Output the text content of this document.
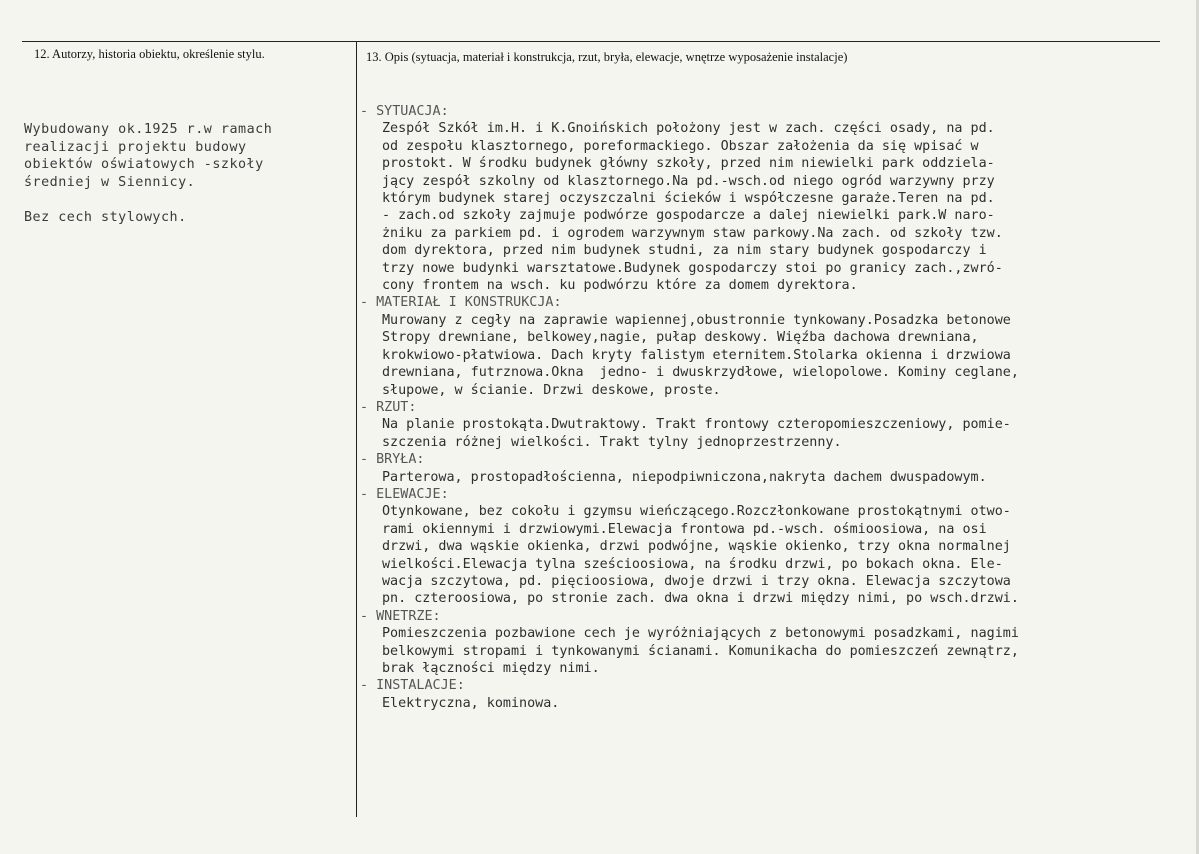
12. Autorzy, historia obiektu, określenie stylu.	13. Opis (sytuacja, materiał i konstrukcja, rzut, bryła, elewacje, wnętrze wyposażenie instalacje)
Wybudowany ok.1925 r.w ramach
realizacji projektu budowy
obiektów oświatowych -szkoły
średniej w Siennicy.
Bez cech stylowych.
- SYTUACJA:
Zespół Szkół im.H. i K.Gnoińskich położony jest w zach. części osady, na pd.
od zespołu klasztornego, poreformackiego. Obszar założenia da się wpisać w
prostokt. W środku budynek główny szkoły, przed nim niewielki park oddziela-
jący zespół szkolny od klasztornego.Na pd.-wsch.od niego ogród warzywny przy
którym budynek starej oczyszczalni ścieków i współczesne garaże.Teren na pd.
- zach.od szkoły zajmuje podwórze gospodarcze a dalej niewielki park.W naro-
żniku za parkiem pd. i ogrodem warzywnym staw parkowy.Na zach. od szkoły tzw.
dom dyrektora, przed nim budynek studni, za nim stary budynek gospodarczy i
trzy nowe budynki warsztatowe.Budynek gospodarczy stoi po granicy zach.,zwró-
cony frontem na wsch. ku podwórzu które za domem dyrektora.
- MATERIAŁ I KONSTRUKCJA:
Murowany z cegły na zaprawie wapiennej,obustronnie tynkowany.Posadzka betonowe
Stropy drewniane, belkowey,nagie, pułap deskowy. Więźba dachowa drewniana,
krokwiowo-płatwiowa. Dach kryty falistym eternitem.Stolarka okienna i drzwiowa
drewniana, futrznowa.Okna  jedno- i dwuskrzydłowe, wielopolowe. Kominy ceglane,
słupowe, w ścianie. Drzwi deskowe, proste.
- RZUT:
Na planie prostokąta.Dwutraktowy. Trakt frontowy czteropomieszczeniowy, pomie-
szczenia różnej wielkości. Trakt tylny jednoprzestrzenny.
- BRYŁA:
Parterowa, prostopadłościenna, niepodpiwniczona,nakryta dachem dwuspadowym.
- ELEWACJE:
Otynkowane, bez cokołu i gzymsu wieńczącego.Rozczłonkowane prostokątnymi otwo-
rami okiennymi i drzwiowymi.Elewacja frontowa pd.-wsch. ośmioosiowa, na osi
drzwi, dwa wąskie okienka, drzwi podwójne, wąskie okienko, trzy okna normalnej
wielkości.Elewacja tylna sześcioosiowa, na środku drzwi, po bokach okna. Ele-
wacja szczytowa, pd. pięcioosiowa, dwoje drzwi i trzy okna. Elewacja szczytowa
pn. czteroosiowa, po stronie zach. dwa okna i drzwi między nimi, po wsch.drzwi.
- WNETRZE:
Pomieszczenia pozbawione cech je wyróżniających z betonowymi posadzkami, nagimi
belkowymi stropami i tynkowanymi ścianami. Komunikacha do pomieszczeń zewnątrz,
brak łączności między nimi.
- INSTALACJE:
Elektryczna, kominowa.
